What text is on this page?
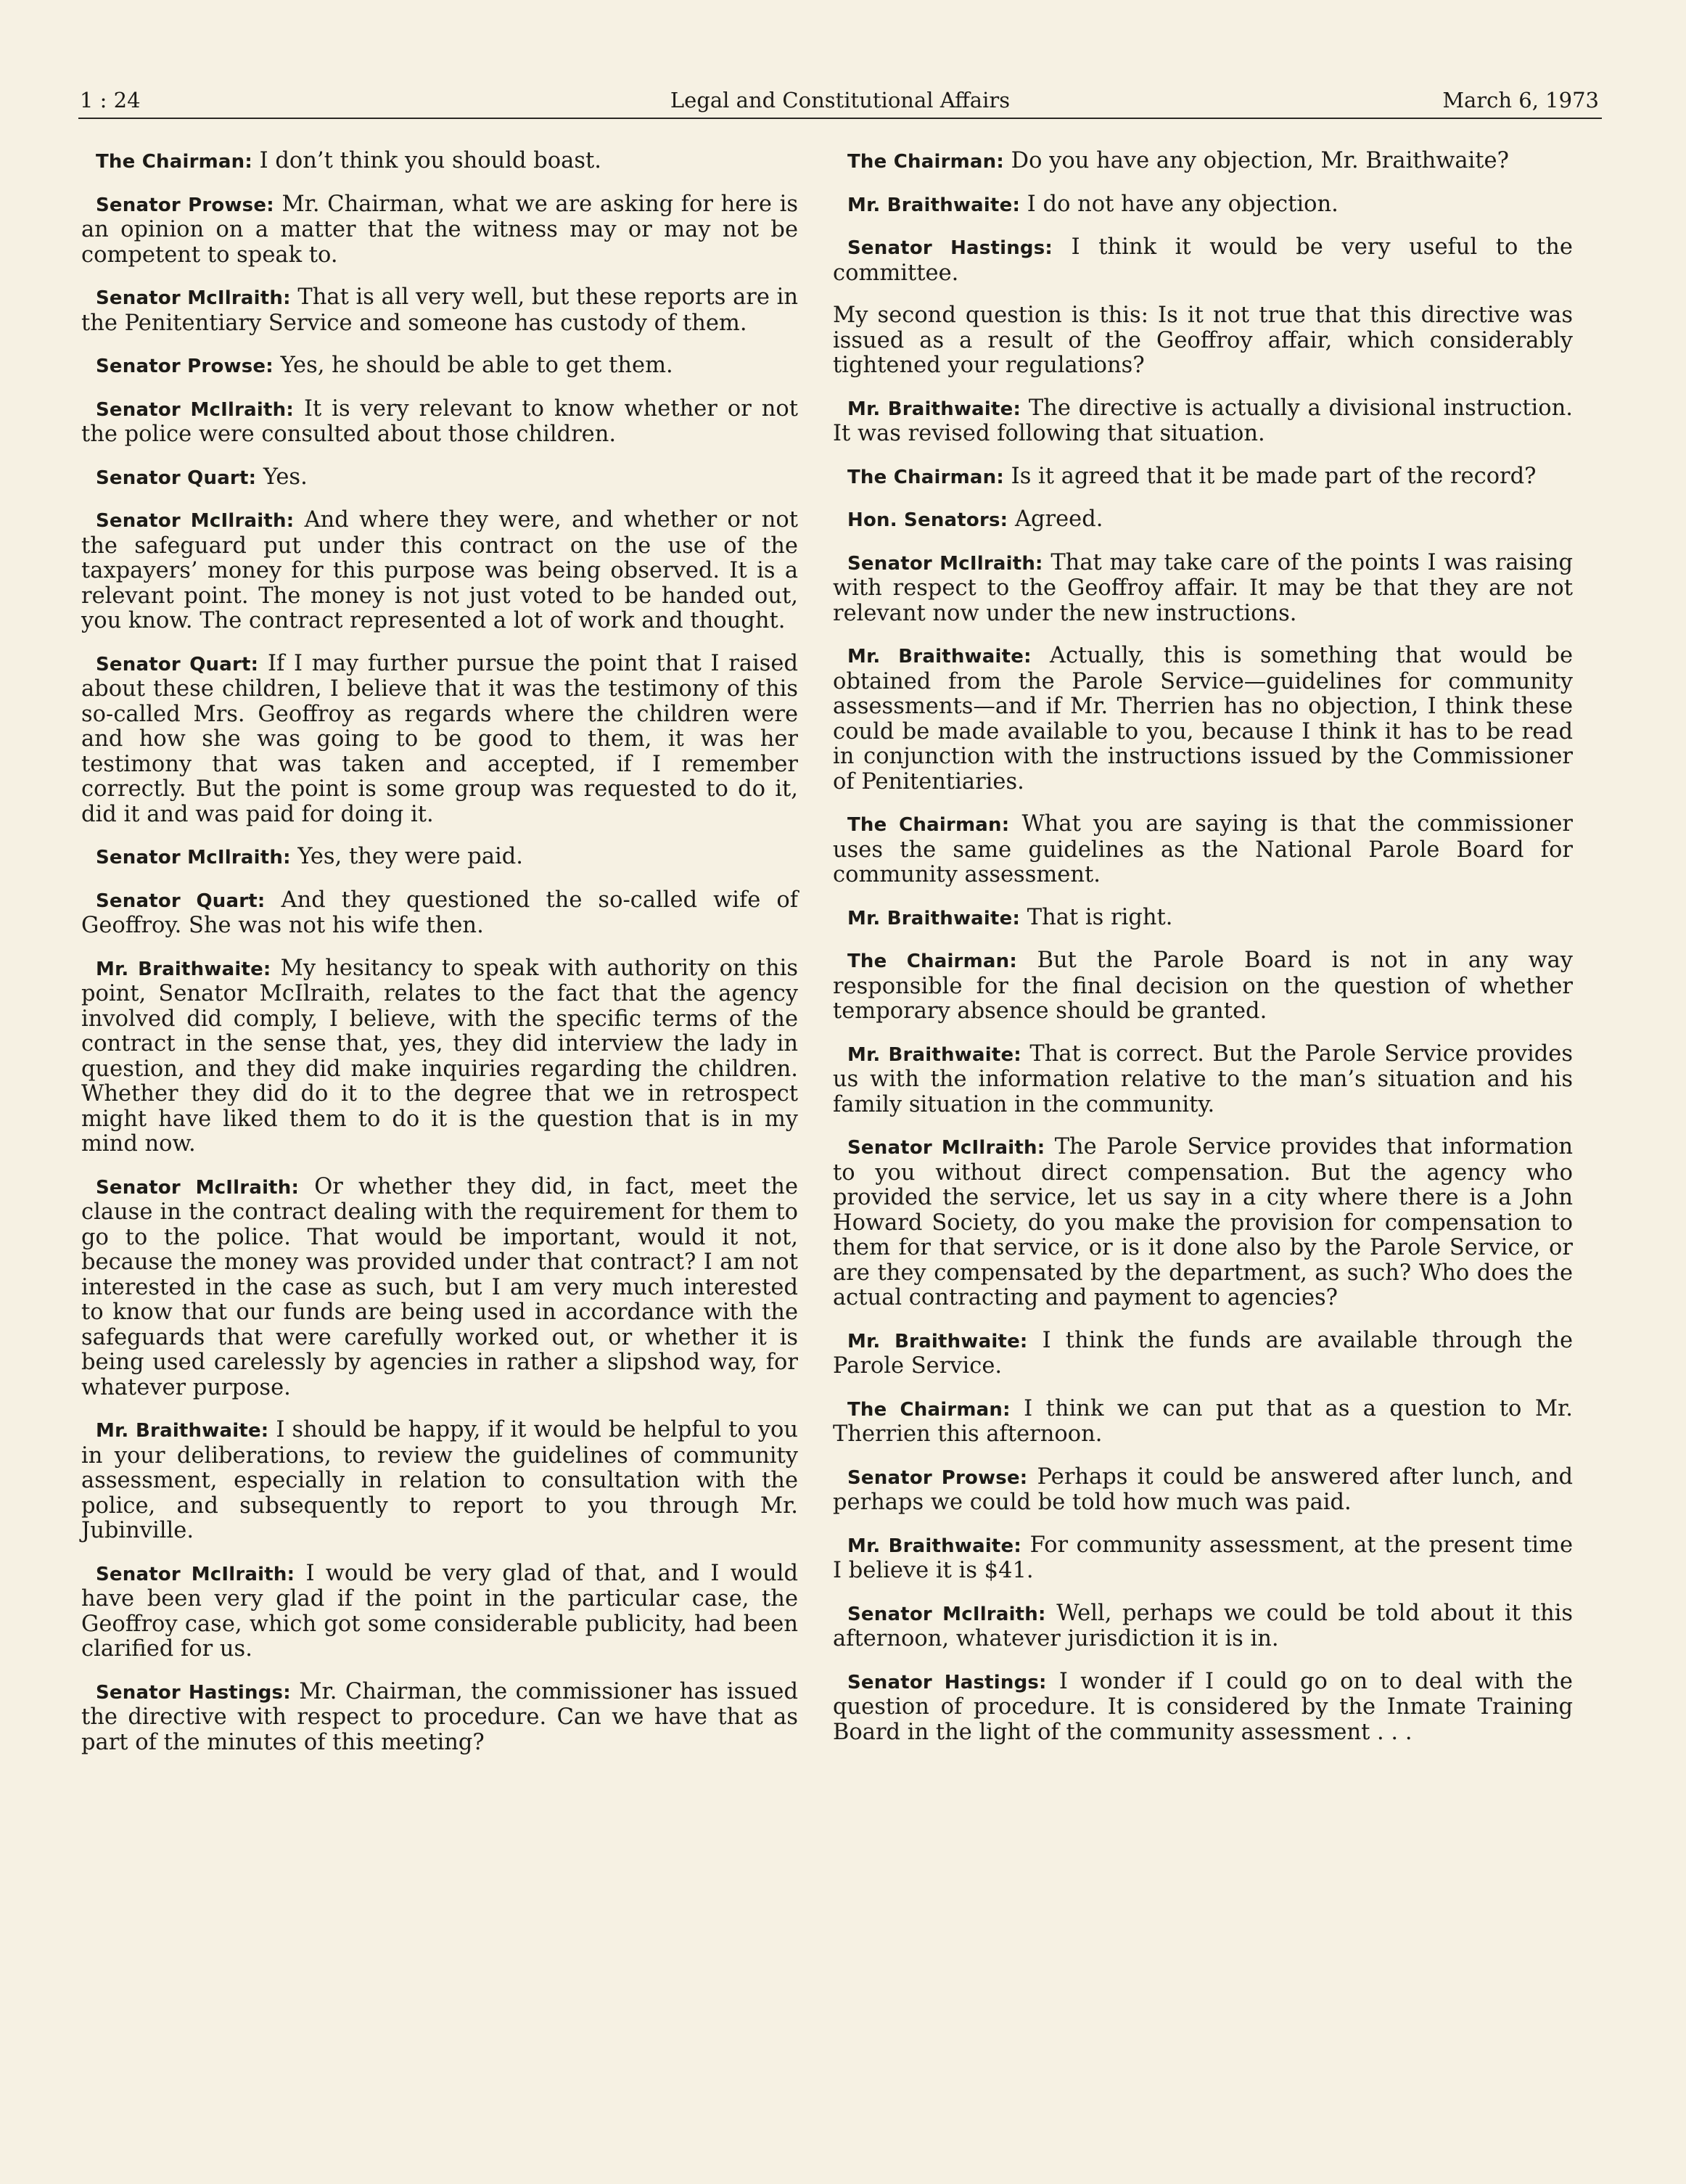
1 : 24	Legal and Constitutional Affairs	March 6, 1973

The Chairman: I don’t think you should boast.

Senator Prowse: Mr. Chairman, what we are asking for here is an opinion on a matter that the witness may or may not be competent to speak to.

Senator McIlraith: That is all very well, but these reports are in the Penitentiary Service and someone has custody of them.

Senator Prowse: Yes, he should be able to get them.

Senator McIlraith: It is very relevant to know whether or not the police were consulted about those children.

Senator Quart: Yes.

Senator McIlraith: And where they were, and whether or not the safeguard put under this contract on the use of the taxpayers’ money for this purpose was being observed. It is a relevant point. The money is not just voted to be handed out, you know. The contract represented a lot of work and thought.

Senator Quart: If I may further pursue the point that I raised about these children, I believe that it was the testimony of this so-called Mrs. Geoffroy as regards where the children were and how she was going to be good to them, it was her testimony that was taken and accepted, if I remember correctly. But the point is some group was requested to do it, did it and was paid for doing it.

Senator McIlraith: Yes, they were paid.

Senator Quart: And they questioned the so-called wife of Geoffroy. She was not his wife then.

Mr. Braithwaite: My hesitancy to speak with authority on this point, Senator McIlraith, relates to the fact that the agency involved did comply, I believe, with the specific terms of the contract in the sense that, yes, they did interview the lady in question, and they did make inquiries regarding the children. Whether they did do it to the degree that we in retrospect might have liked them to do it is the question that is in my mind now.

Senator McIlraith: Or whether they did, in fact, meet the clause in the contract dealing with the requirement for them to go to the police. That would be important, would it not, because the money was provided under that contract? I am not interested in the case as such, but I am very much interested to know that our funds are being used in accordance with the safeguards that were carefully worked out, or whether it is being used carelessly by agencies in rather a slipshod way, for whatever purpose.

Mr. Braithwaite: I should be happy, if it would be helpful to you in your deliberations, to review the guidelines of community assessment, especially in relation to consultation with the police, and subsequently to report to you through Mr. Jubinville.

Senator McIlraith: I would be very glad of that, and I would have been very glad if the point in the particular case, the Geoffroy case, which got some considerable publicity, had been clarified for us.

Senator Hastings: Mr. Chairman, the commissioner has issued the directive with respect to procedure. Can we have that as part of the minutes of this meeting?

The Chairman: Do you have any objection, Mr. Braithwaite?

Mr. Braithwaite: I do not have any objection.

Senator Hastings: I think it would be very useful to the committee.

My second question is this: Is it not true that this directive was issued as a result of the Geoffroy affair, which considerably tightened your regulations?

Mr. Braithwaite: The directive is actually a divisional instruction. It was revised following that situation.

The Chairman: Is it agreed that it be made part of the record?

Hon. Senators: Agreed.

Senator McIlraith: That may take care of the points I was raising with respect to the Geoffroy affair. It may be that they are not relevant now under the new instructions.

Mr. Braithwaite: Actually, this is something that would be obtained from the Parole Service—guidelines for community assessments—and if Mr. Therrien has no objection, I think these could be made available to you, because I think it has to be read in conjunction with the instructions issued by the Commissioner of Penitentiaries.

The Chairman: What you are saying is that the commissioner uses the same guidelines as the National Parole Board for community assessment.

Mr. Braithwaite: That is right.

The Chairman: But the Parole Board is not in any way responsible for the final decision on the question of whether temporary absence should be granted.

Mr. Braithwaite: That is correct. But the Parole Service provides us with the information relative to the man’s situation and his family situation in the community.

Senator McIlraith: The Parole Service provides that information to you without direct compensation. But the agency who provided the service, let us say in a city where there is a John Howard Society, do you make the provision for compensation to them for that service, or is it done also by the Parole Service, or are they compensated by the department, as such? Who does the actual contracting and payment to agencies?

Mr. Braithwaite: I think the funds are available through the Parole Service.

The Chairman: I think we can put that as a question to Mr. Therrien this afternoon.

Senator Prowse: Perhaps it could be answered after lunch, and perhaps we could be told how much was paid.

Mr. Braithwaite: For community assessment, at the present time I believe it is $41.

Senator McIlraith: Well, perhaps we could be told about it this afternoon, whatever jurisdiction it is in.

Senator Hastings: I wonder if I could go on to deal with the question of procedure. It is considered by the Inmate Training Board in the light of the community assessment . . .
